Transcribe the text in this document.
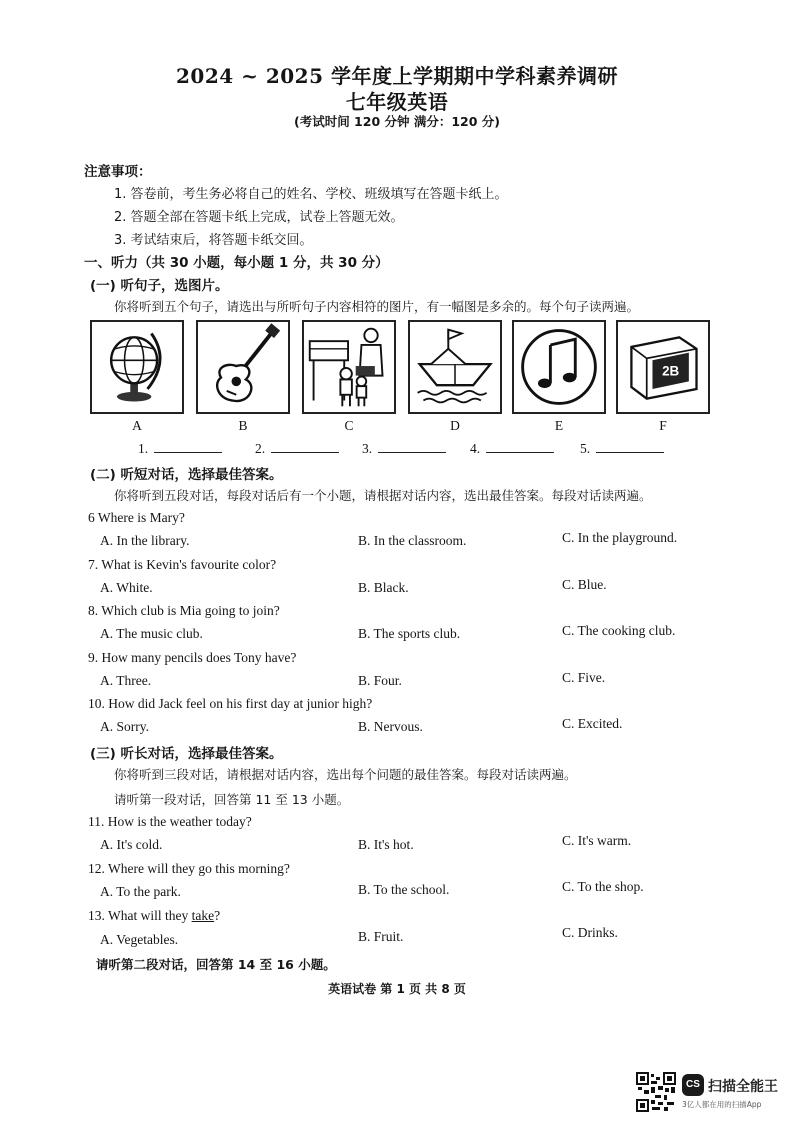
2024 ~ 2025 学年度上学期期中学科素养调研
七年级英语
(考试时间 120 分钟 满分：120 分)
注意事项：
1. 答卷前，考生务必将自己的姓名、学校、班级填写在答题卡纸上。
2. 答题全部在答题卡纸上完成，试卷上答题无效。
3. 考试结束后，将答题卡纸交回。
一、听力（共 30 小题，每小题 1 分，共 30 分）
(一) 听句子，选图片。
你将听到五个句子，请选出与所听句子内容相符的图片，有一幅图是多余的。每个句子读两遍。
2B
A	B	C	D	E	F
1.	2.	3.	4.	5.
(二) 听短对话，选择最佳答案。
你将听到五段对话，每段对话后有一个小题，请根据对话内容，选出最佳答案。每段对话读两遍。
6 Where is Mary?
A. In the library.	B. In the classroom.	C. In the playground.
7. What is Kevin's favourite color?
A. White.	B. Black.	C. Blue.
8. Which club is Mia going to join?
A. The music club.	B. The sports club.	C. The cooking club.
9. How many pencils does Tony have?
A. Three.	B. Four.	C. Five.
10. How did Jack feel on his first day at junior high?
A. Sorry.	B. Nervous.	C. Excited.
(三) 听长对话，选择最佳答案。
你将听到三段对话，请根据对话内容，选出每个问题的最佳答案。每段对话读两遍。
请听第一段对话，回答第 11 至 13 小题。
11. How is the weather today?
A. It's cold.	B. It's hot.	C. It's warm.
12. Where will they go this morning?
A. To the park.	B. To the school.	C. To the shop.
13. What will they take?
A. Vegetables.	B. Fruit.	C. Drinks.
请听第二段对话，回答第 14 至 16 小题。
英语试卷 第 1 页 共 8 页
CS 扫描全能王
3亿人都在用的扫描App
